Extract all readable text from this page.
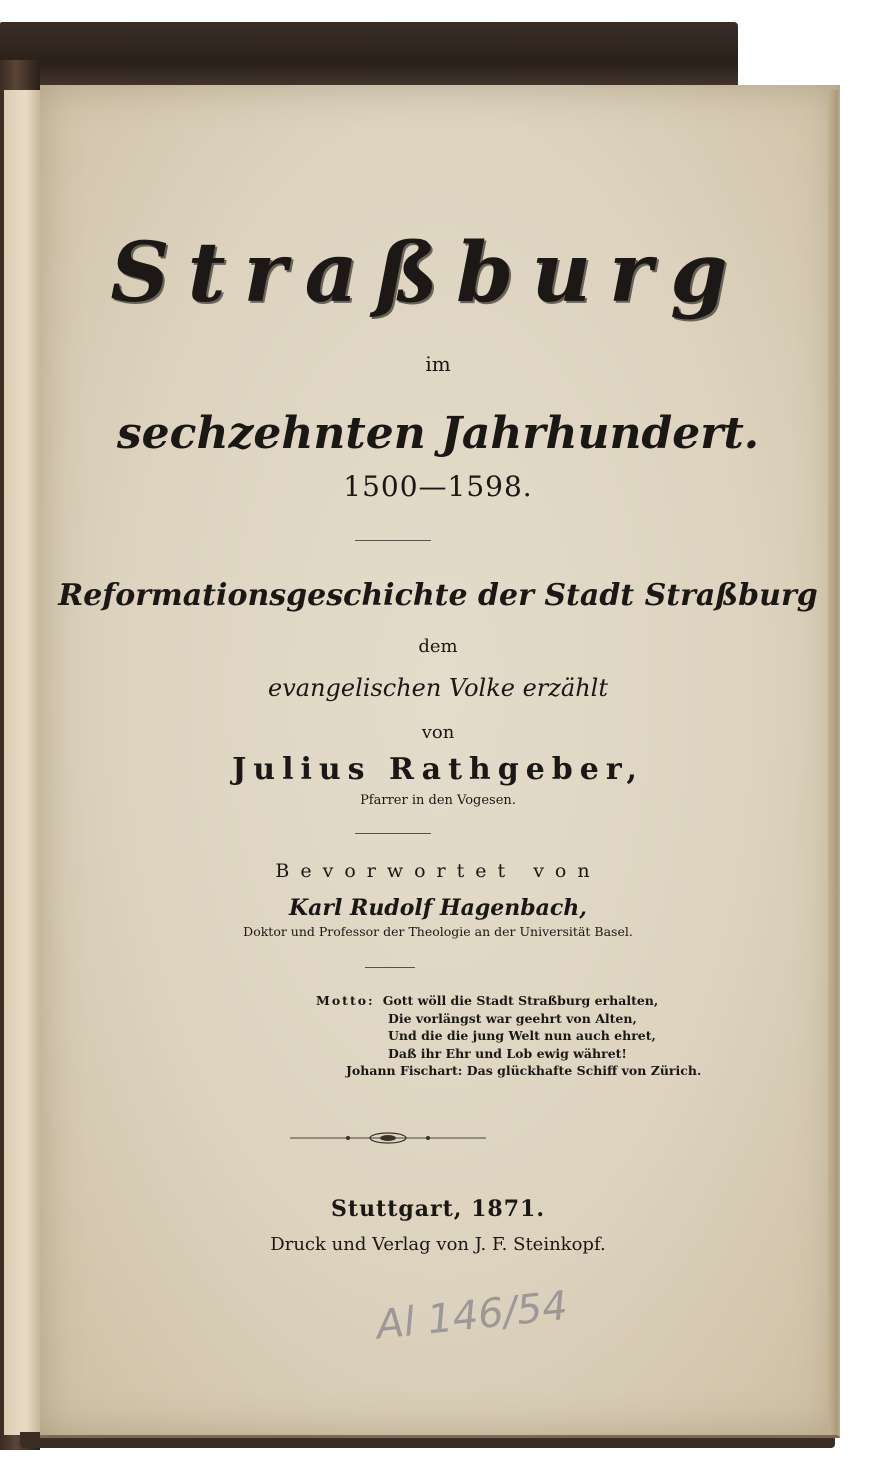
Straßburg
im
sechzehnten Jahrhundert.
1500—1598.
Reformationsgeschichte der Stadt Straßburg
dem
evangelischen Volke erzählt
von
Julius Rathgeber,
Pfarrer in den Vogesen.
Bevorwortet von
Karl Rudolf Hagenbach,
Doktor und Professor der Theologie an der Universität Basel.
Motto: Gott wöll die Stadt Straßburg erhalten,
Die vorlängst war geehrt von Alten,
Und die die jung Welt nun auch ehret,
Daß ihr Ehr und Lob ewig währet!
Johann Fischart: Das glückhafte Schiff von Zürich.
Stuttgart, 1871.
Druck und Verlag von J. F. Steinkopf.
Al 146/54
